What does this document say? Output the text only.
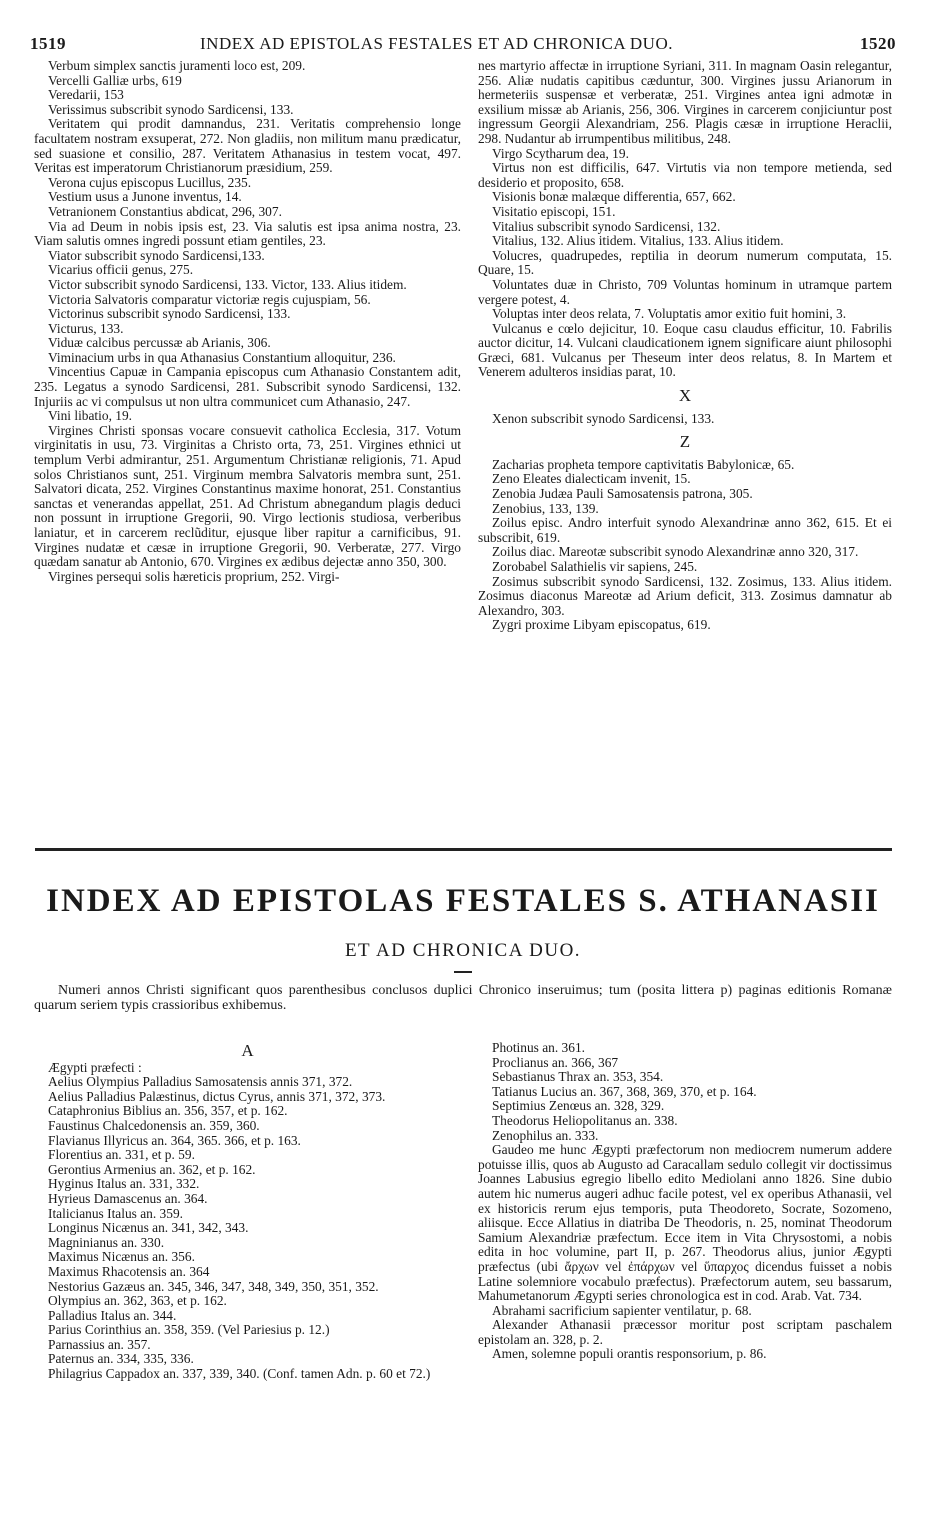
1519	INDEX AD EPISTOLAS FESTALES ET AD CHRONICA DUO.	1520

Verbum simplex sanctis juramenti loco est, 209.

Vercelli Galliæ urbs, 619

Veredarii, 153

Verissimus subscribit synodo Sardicensi, 133.

Veritatem qui prodit damnandus, 231. Veritatis comprehensio longe facultatem nostram exsuperat, 272. Non gladiis, non militum manu prædicatur, sed suasione et consilio, 287. Veritatem Athanasius in testem vocat, 497. Veritas est imperatorum Christianorum præsidium, 259.

Verona cujus episcopus Lucillus, 235.

Vestium usus a Junone inventus, 14.

Vetranionem Constantius abdicat, 296, 307.

Via ad Deum in nobis ipsis est, 23. Via salutis est ipsa anima nostra, 23. Viam salutis omnes ingredi possunt etiam gentiles, 23.

Viator subscribit synodo Sardicensi,133.

Vicarius officii genus, 275.

Victor subscribit synodo Sardicensi, 133. Victor, 133. Alius itidem.

Victoria Salvatoris comparatur victoriæ regis cujuspiam, 56.

Victorinus subscribit synodo Sardicensi, 133.

Victurus, 133.

Viduæ calcibus percussæ ab Arianis, 306.

Viminacium urbs in qua Athanasius Constantium alloquitur, 236.

Vincentius Capuæ in Campania episcopus cum Athanasio Constantem adit, 235. Legatus a synodo Sardicensi, 281. Subscribit synodo Sardicensi, 132. Injuriis ac vi compulsus ut non ultra communicet cum Athanasio, 247.

Vini libatio, 19.

Virgines Christi sponsas vocare consuevit catholica Ecclesia, 317. Votum virginitatis in usu, 73. Virginitas a Christo orta, 73, 251. Virgines ethnici ut templum Verbi admirantur, 251. Argumentum Christianæ religionis, 71. Apud solos Christianos sunt, 251. Virginum membra Salvatoris membra sunt, 251. Salvatori dicata, 252. Virgines Constantinus maxime honorat, 251. Constantius sanctas et venerandas appellat, 251. Ad Christum abnegandum plagis deduci non possunt in irruptione Gregorii, 90. Virgo lectionis studiosa, verberibus laniatur, et in carcerem reclũditur, ejusque liber rapitur a carnificibus, 91. Virgines nudatæ et cæsæ in irruptione Gregorii, 90. Verberatæ, 277. Virgo quædam sanatur ab Antonio, 670. Virgines ex ædibus dejectæ anno 350, 300.

Virgines persequi solis hæreticis proprium, 252. Virgi-

nes martyrio affectæ in irruptione Syriani, 311. In magnam Oasin relegantur, 256. Aliæ nudatis capitibus cæduntur, 300. Virgines jussu Arianorum in hermeteriis suspensæ et verberatæ, 251. Virgines antea igni admotæ in exsilium missæ ab Arianis, 256, 306. Virgines in carcerem conjiciuntur post ingressum Georgii Alexandriam, 256. Plagis cæsæ in irruptione Heraclii, 298. Nudantur ab irrumpentibus militibus, 248.

Virgo Scytharum dea, 19.

Virtus non est difficilis, 647. Virtutis via non tempore metienda, sed desiderio et proposito, 658.

Visionis bonæ malæque differentia, 657, 662.

Visitatio episcopi, 151.

Vitalius subscribit synodo Sardicensi, 132.

Vitalius, 132. Alius itidem. Vitalius, 133. Alius itidem.

Volucres, quadrupedes, reptilia in deorum numerum computata, 15. Quare, 15.

Voluntates duæ in Christo, 709 Voluntas hominum in utramque partem vergere potest, 4.

Voluptas inter deos relata, 7. Voluptatis amor exitio fuit homini, 3.

Vulcanus e cœlo dejicitur, 10. Eoque casu claudus efficitur, 10. Fabrilis auctor dicitur, 14. Vulcani claudicationem ignem significare aiunt philosophi Græci, 681. Vulcanus per Theseum inter deos relatus, 8. In Martem et Venerem adulteros insidias parat, 10.

X

Xenon subscribit synodo Sardicensi, 133.

Z

Zacharias propheta tempore captivitatis Babylonicæ, 65.

Zeno Eleates dialecticam invenit, 15.

Zenobia Judæa Pauli Samosatensis patrona, 305.

Zenobius, 133, 139.

Zoilus episc. Andro interfuit synodo Alexandrinæ anno 362, 615. Et ei subscribit, 619.

Zoilus diac. Mareotæ subscribit synodo Alexandrinæ anno 320, 317.

Zorobabel Salathielis vir sapiens, 245.

Zosimus subscribit synodo Sardicensi, 132. Zosimus, 133. Alius itidem. Zosimus diaconus Mareotæ ad Arium deficit, 313. Zosimus damnatur ab Alexandro, 303.

Zygri proxime Libyam episcopatus, 619.

INDEX AD EPISTOLAS FESTALES S. ATHANASII
ET AD CHRONICA DUO.
Numeri annos Christi significant quos parenthesibus conclusos duplici Chronico inseruimus; tum (posita littera p) paginas editionis Romanæ quarum seriem typis crassioribus exhibemus.

A

Ægypti præfecti :

Aelius Olympius Palladius Samosatensis annis 371, 372.

Aelius Palladius Palæstinus, dictus Cyrus, annis 371, 372, 373.

Cataphronius Biblius an. 356, 357, et p. 162.

Faustinus Chalcedonensis an. 359, 360.

Flavianus Illyricus an. 364, 365. 366, et p. 163.

Florentius an. 331, et p. 59.

Gerontius Armenius an. 362, et p. 162.

Hyginus Italus an. 331, 332.

Hyrieus Damascenus an. 364.

Italicianus Italus an. 359.

Longinus Nicænus an. 341, 342, 343.

Magninianus an. 330.

Maximus Nicænus an. 356.

Maximus Rhacotensis an. 364

Nestorius Gazæus an. 345, 346, 347, 348, 349, 350, 351, 352.

Olympius an. 362, 363, et p. 162.

Palladius Italus an. 344.

Parius Corinthius an. 358, 359. (Vel Pariesius p. 12.)

Parnassius an. 357.

Paternus an. 334, 335, 336.

Philagrius Cappadox an. 337, 339, 340. (Conf. tamen Adn. p. 60 et 72.)

Photinus an. 361.

Proclianus an. 366, 367

Sebastianus Thrax an. 353, 354.

Tatianus Lucius an. 367, 368, 369, 370, et p. 164.

Septimius Zenœus an. 328, 329.

Theodorus Heliopolitanus an. 338.

Zenophilus an. 333.

Gaudeo me hunc Ægypti præfectorum non mediocrem numerum addere potuisse illis, quos ab Augusto ad Caracallam sedulo collegit vir doctissimus Joannes Labusius egregio libello edito Mediolani anno 1826. Sine dubio autem hic numerus augeri adhuc facile potest, vel ex operibus Athanasii, vel ex historicis rerum ejus temporis, puta Theodoreto, Socrate, Sozomeno, aliisque. Ecce Allatius in diatriba De Theodoris, n. 25, nominat Theodorum Samium Alexandriæ præfectum. Ecce item in Vita Chrysostomi, a nobis edita in hoc volumine, part II, p. 267. Theodorus alius, junior Ægypti præfectus (ubi ἄρχων vel ἐπάρχων vel ὕπαρχος dicendus fuisset a nobis Latine solemniore vocabulo præfectus). Præfectorum autem, seu bassarum, Mahumetanorum Ægypti series chronologica est in cod. Arab. Vat. 734.

Abrahami sacrificium sapienter ventilatur, p. 68.

Alexander Athanasii præcessor moritur post scriptam paschalem epistolam an. 328, p. 2.

Amen, solemne populi orantis responsorium, p. 86.
